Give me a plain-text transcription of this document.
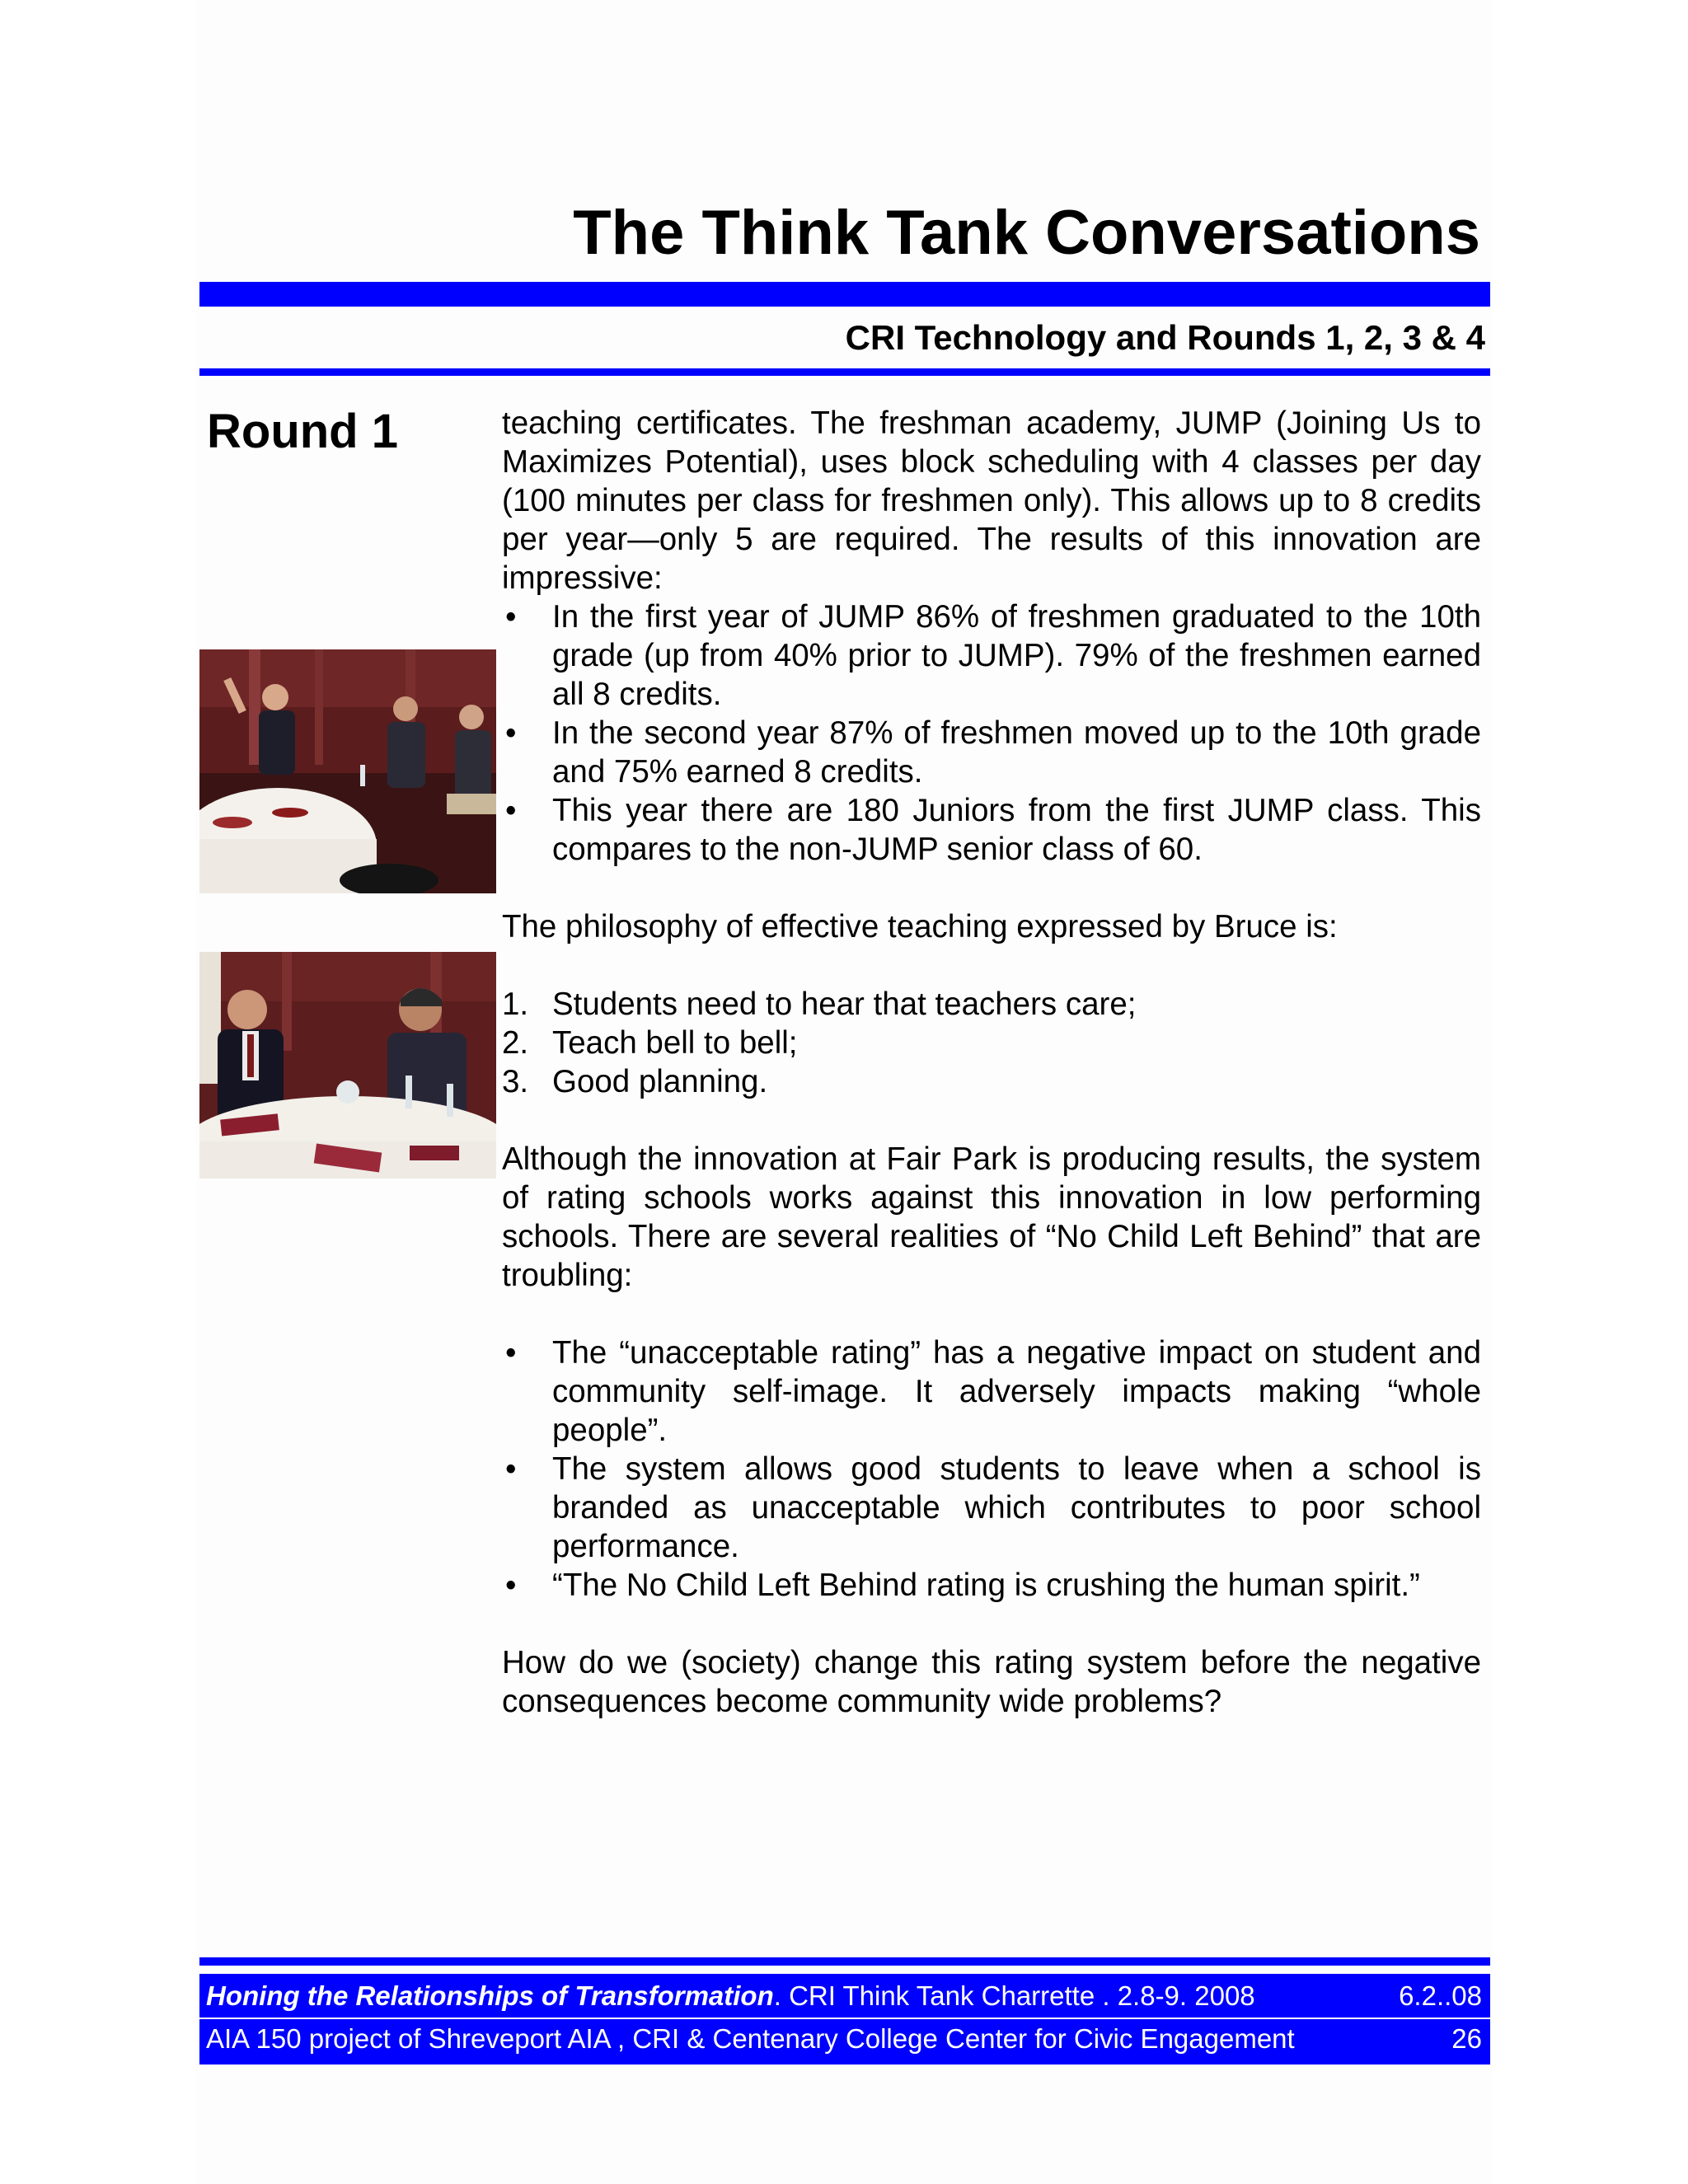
The Think Tank Conversations
CRI Technology and Rounds 1, 2, 3 & 4
Round 1	teaching certificates. The freshman academy, JUMP (Joining Us to Maximizes Potential), uses block scheduling with 4 classes per day (100 minutes per class for freshmen only). This allows up to 8 credits per year—only 5 are required. The results of this innovation are impressive:

• In the first year of JUMP 86% of freshmen graduated to the 10th grade (up from 40% prior to JUMP). 79% of the freshmen earned all 8 credits.
• In the second year 87% of freshmen moved up to the 10th grade and 75% earned 8 credits.
• This year there are 180 Juniors from the first JUMP class. This compares to the non-JUMP senior class of 60.

The philosophy of effective teaching expressed by Bruce is:

1. Students need to hear that teachers care;
2. Teach bell to bell;
3. Good planning.

Although the innovation at Fair Park is producing results, the system of rating schools works against this innovation in low performing schools. There are several realities of “No Child Left Behind” that are troubling:

• The “unacceptable rating” has a negative impact on student and community self-image. It adversely impacts making “whole people”.
• The system allows good students to leave when a school is branded as unacceptable which contributes to poor school performance.
• “The No Child Left Behind rating is crushing the human spirit.”

How do we (society) change this rating system before the negative consequences become community wide problems?

Honing the Relationships of Transformation. CRI Think Tank Charrette . 2.8-9. 2008	6.2..08
AIA 150 project of Shreveport AIA , CRI & Centenary College Center for Civic Engagement	26
